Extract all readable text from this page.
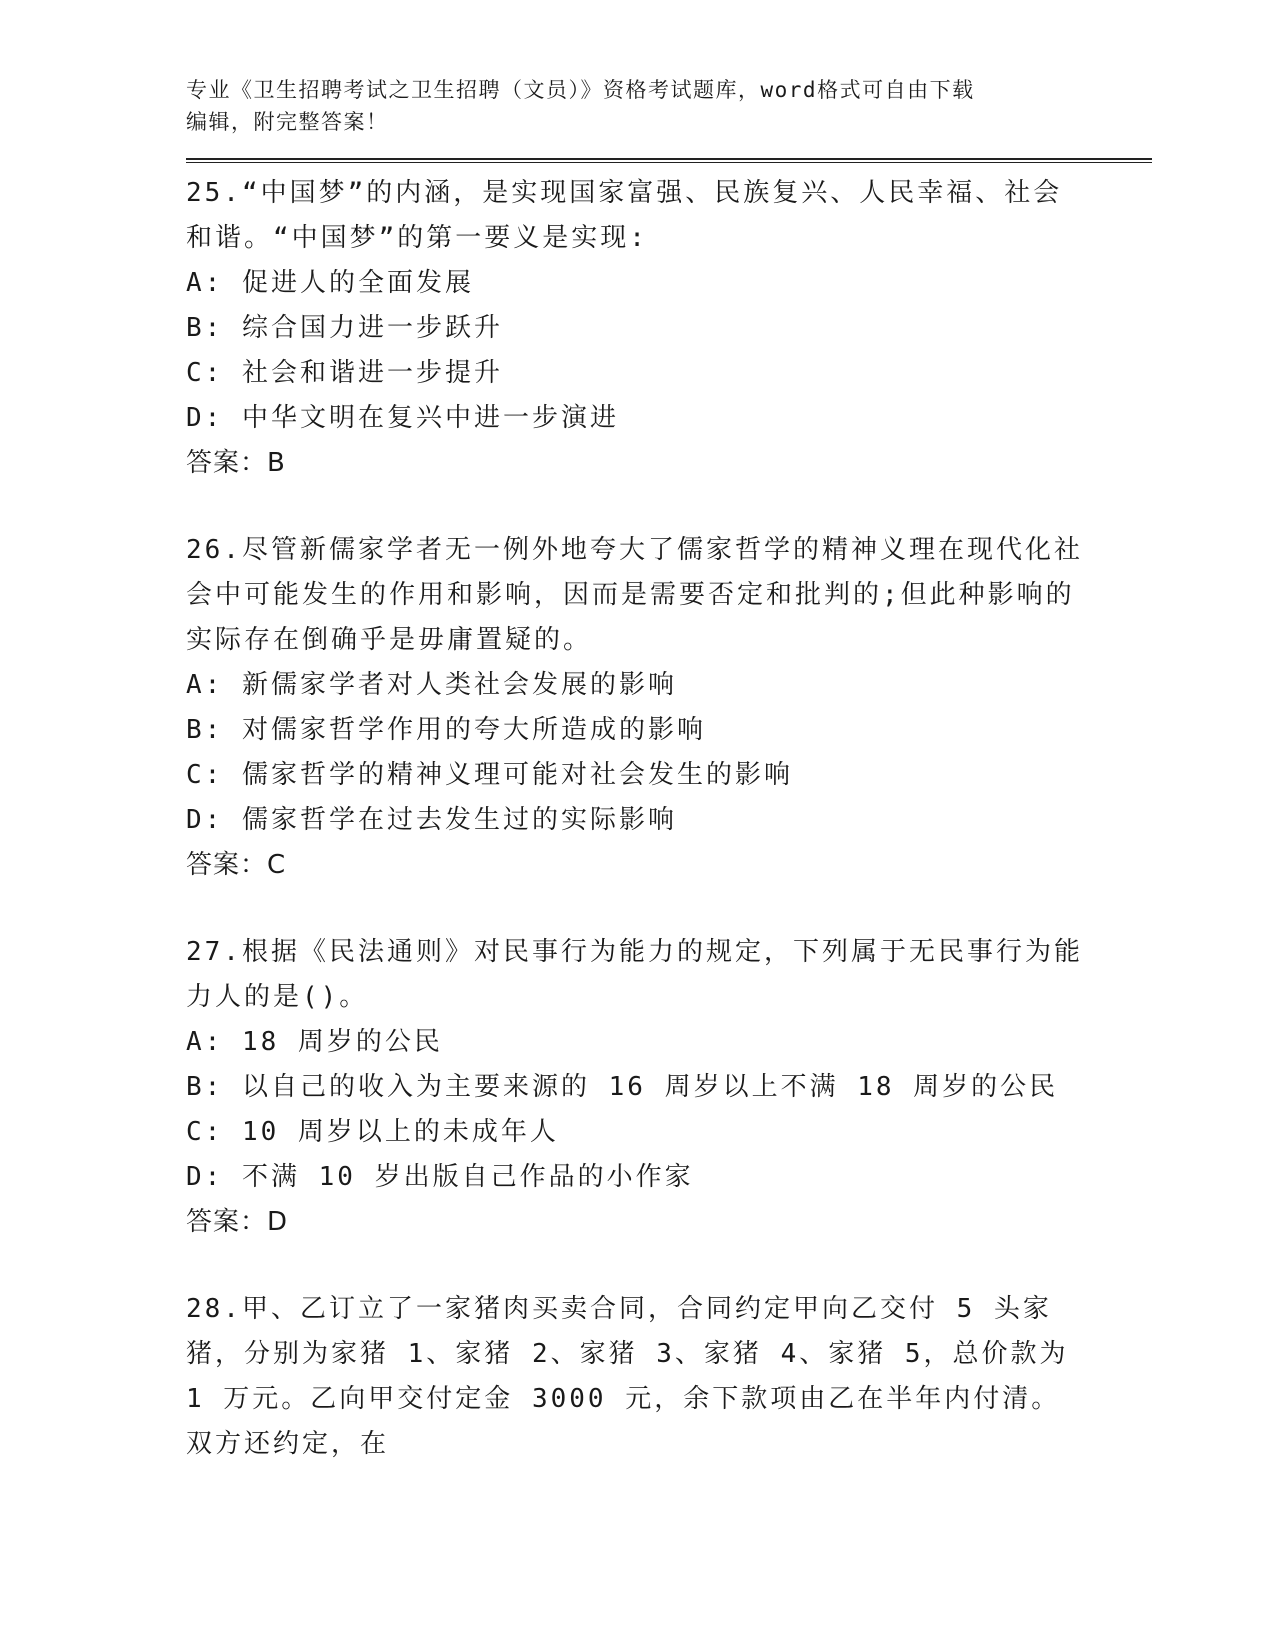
专业《卫生招聘考试之卫生招聘（文员）》资格考试题库，word格式可自由下载
编辑，附完整答案！

25.“中国梦”的内涵，是实现国家富强、民族复兴、人民幸福、社会和谐。“中国梦”的第一要义是实现:

A: 促进人的全面发展

B: 综合国力进一步跃升

C: 社会和谐进一步提升

D: 中华文明在复兴中进一步演进

答案：B

26.尽管新儒家学者无一例外地夸大了儒家哲学的精神义理在现代化社会中可能发生的作用和影响，因而是需要否定和批判的;但此种影响的实际存在倒确乎是毋庸置疑的。

A: 新儒家学者对人类社会发展的影响

B: 对儒家哲学作用的夸大所造成的影响

C: 儒家哲学的精神义理可能对社会发生的影响

D: 儒家哲学在过去发生过的实际影响

答案：C

27.根据《民法通则》对民事行为能力的规定，下列属于无民事行为能力人的是()。

A: 18 周岁的公民

B: 以自己的收入为主要来源的 16 周岁以上不满 18 周岁的公民

C: 10 周岁以上的未成年人

D: 不满 10 岁出版自己作品的小作家

答案：D

28.甲、乙订立了一家猪肉买卖合同，合同约定甲向乙交付 5 头家猪，分别为家猪 1、家猪 2、家猪 3、家猪 4、家猪 5，总价款为 1 万元。乙向甲交付定金 3000 元，余下款项由乙在半年内付清。双方还约定，在
